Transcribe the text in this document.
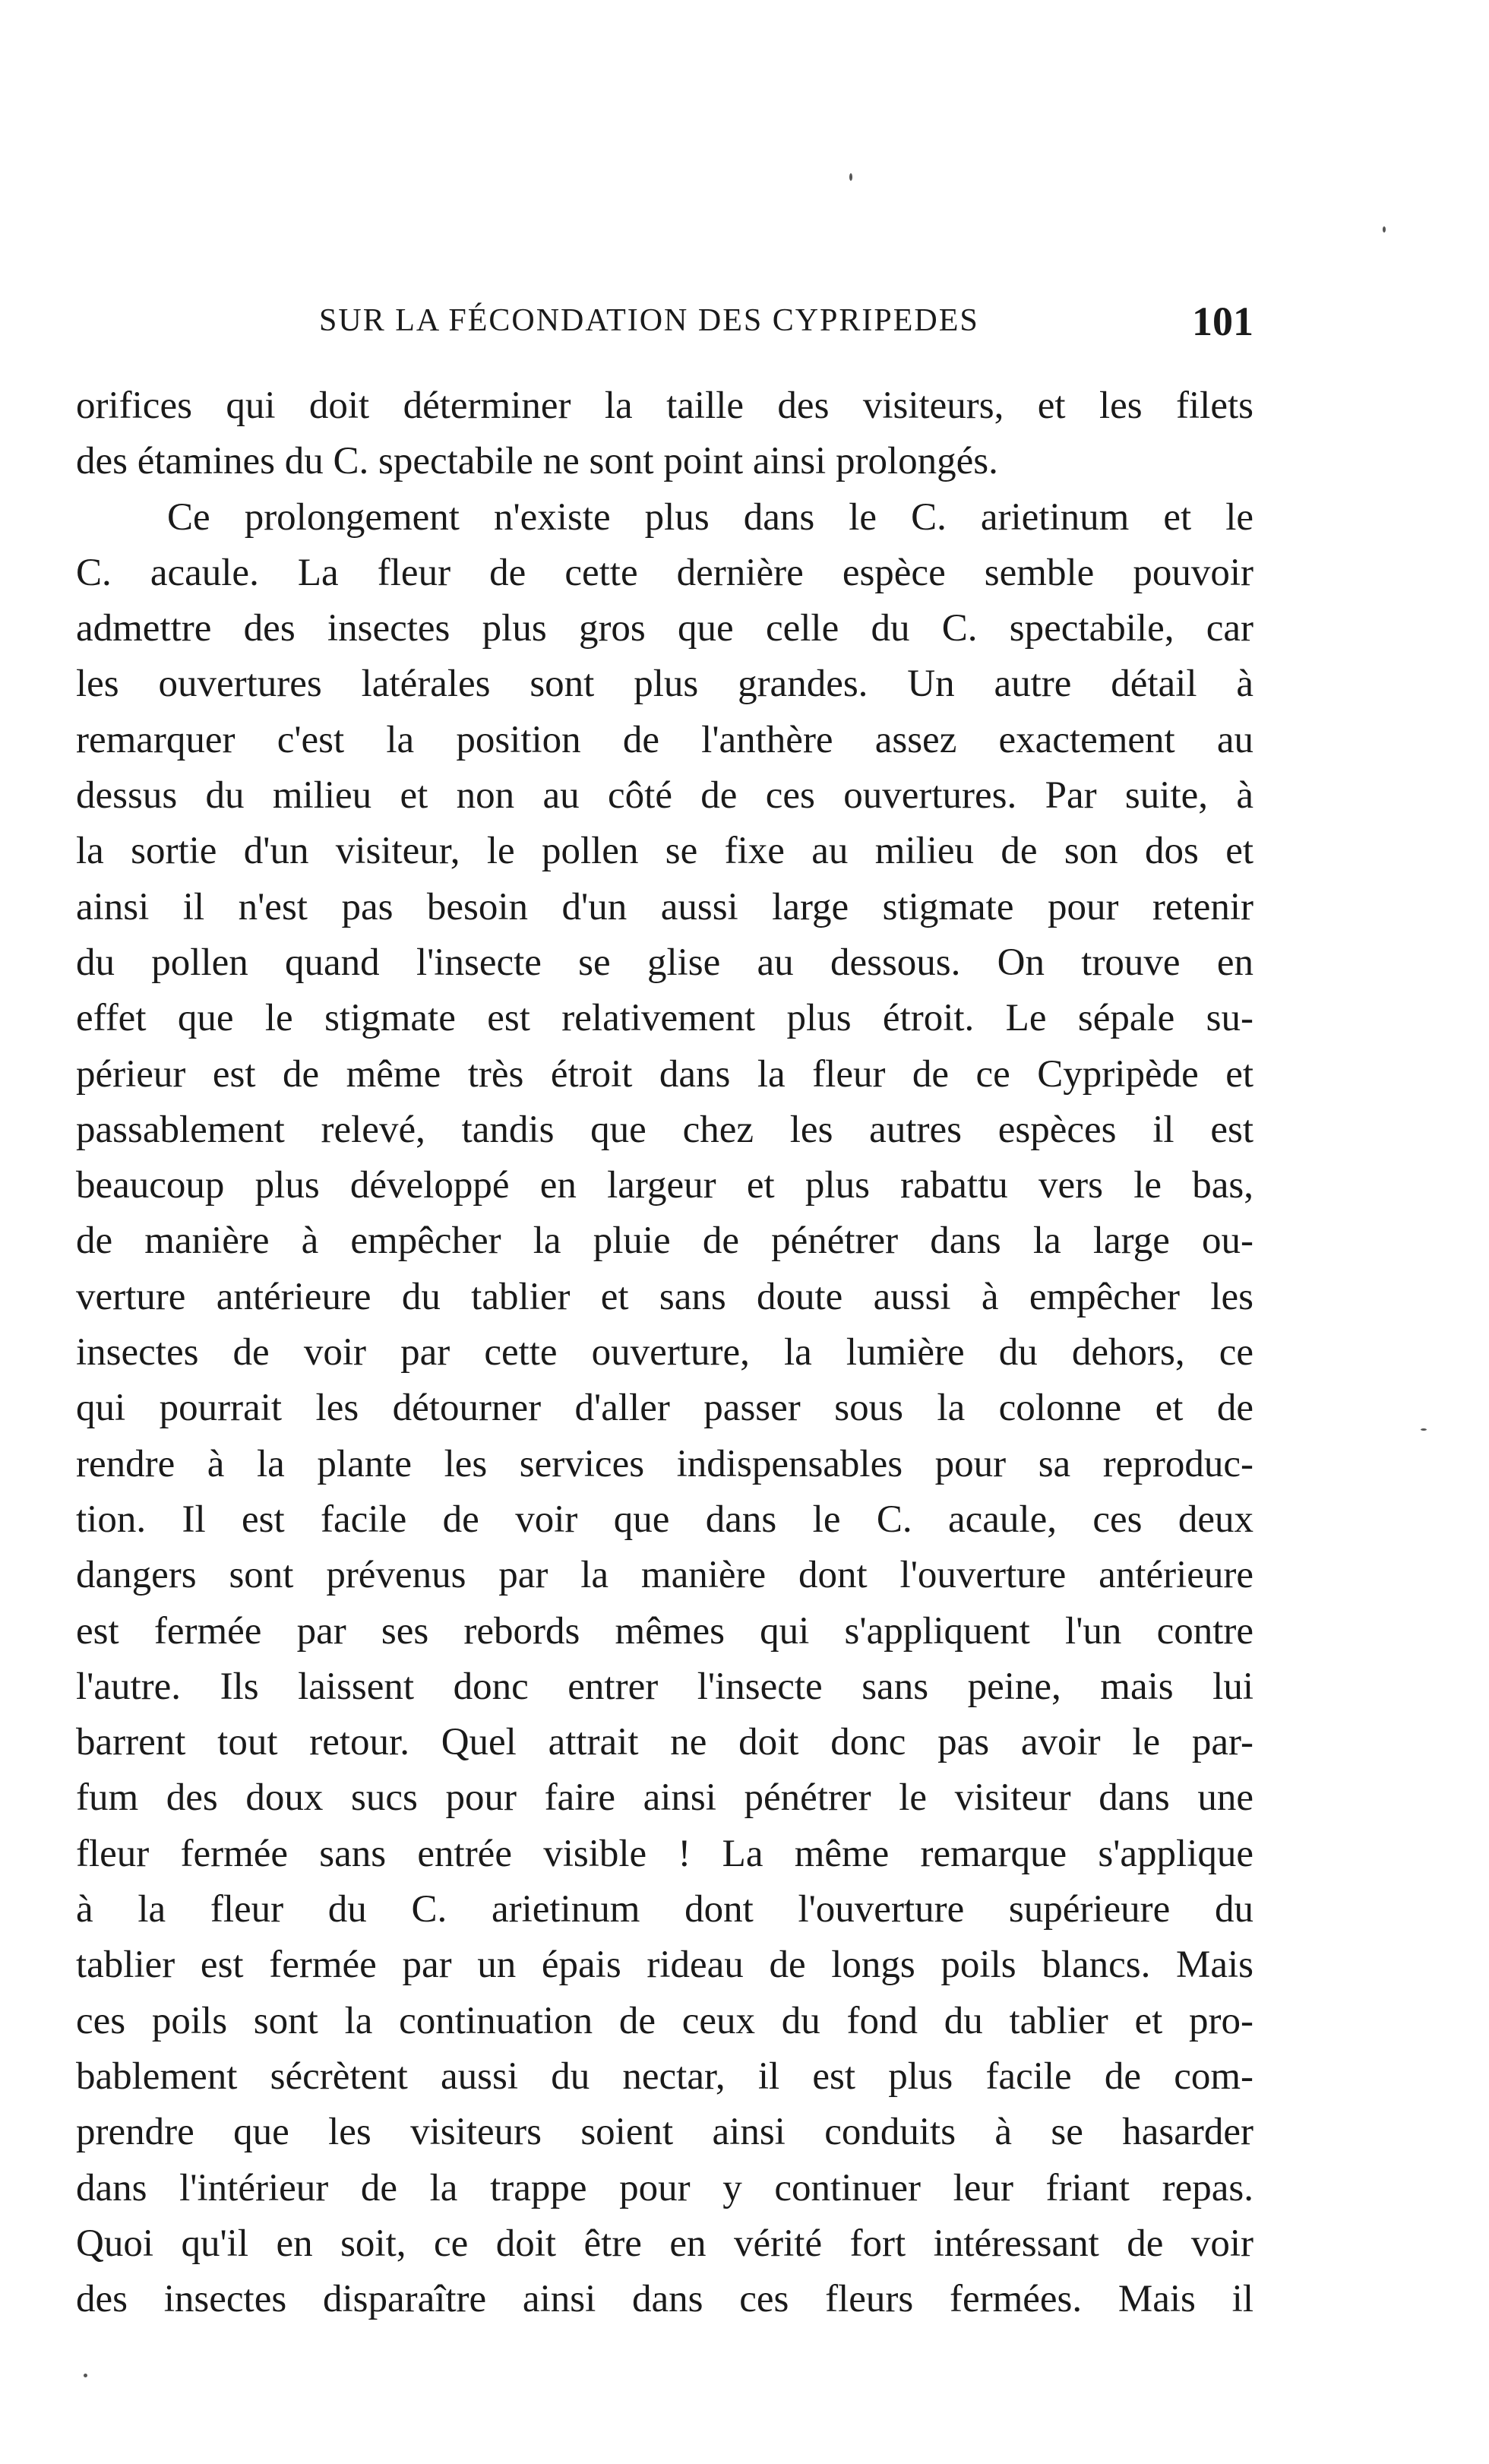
SUR LA FÉCONDATION DES CYPRIPEDES	101
orifices qui doit déterminer la taille des visiteurs, et les filets
des étamines du C. spectabile ne sont point ainsi prolongés.
Ce prolongement n'existe plus dans le C. arietinum et le
C. acaule. La fleur de cette dernière espèce semble pouvoir
admettre des insectes plus gros que celle du C. spectabile, car
les ouvertures latérales sont plus grandes. Un autre détail à
remarquer c'est la position de l'anthère assez exactement au
dessus du milieu et non au côté de ces ouvertures. Par suite, à
la sortie d'un visiteur, le pollen se fixe au milieu de son dos et
ainsi il n'est pas besoin d'un aussi large stigmate pour retenir
du pollen quand l'insecte se glise au dessous. On trouve en
effet que le stigmate est relativement plus étroit. Le sépale su-
périeur est de même très étroit dans la fleur de ce Cypripède et
passablement relevé, tandis que chez les autres espèces il est
beaucoup plus développé en largeur et plus rabattu vers le bas,
de manière à empêcher la pluie de pénétrer dans la large ou-
verture antérieure du tablier et sans doute aussi à empêcher les
insectes de voir par cette ouverture, la lumière du dehors, ce
qui pourrait les détourner d'aller passer sous la colonne et de
rendre à la plante les services indispensables pour sa reproduc-
tion. Il est facile de voir que dans le C. acaule, ces deux
dangers sont prévenus par la manière dont l'ouverture antérieure
est fermée par ses rebords mêmes qui s'appliquent l'un contre
l'autre. Ils laissent donc entrer l'insecte sans peine, mais lui
barrent tout retour. Quel attrait ne doit donc pas avoir le par-
fum des doux sucs pour faire ainsi pénétrer le visiteur dans une
fleur fermée sans entrée visible ! La même remarque s'applique
à la fleur du C. arietinum dont l'ouverture supérieure du
tablier est fermée par un épais rideau de longs poils blancs. Mais
ces poils sont la continuation de ceux du fond du tablier et pro-
bablement sécrètent aussi du nectar, il est plus facile de com-
prendre que les visiteurs soient ainsi conduits à se hasarder
dans l'intérieur de la trappe pour y continuer leur friant repas.
Quoi qu'il en soit, ce doit être en vérité fort intéressant de voir
des insectes disparaître ainsi dans ces fleurs fermées. Mais il
